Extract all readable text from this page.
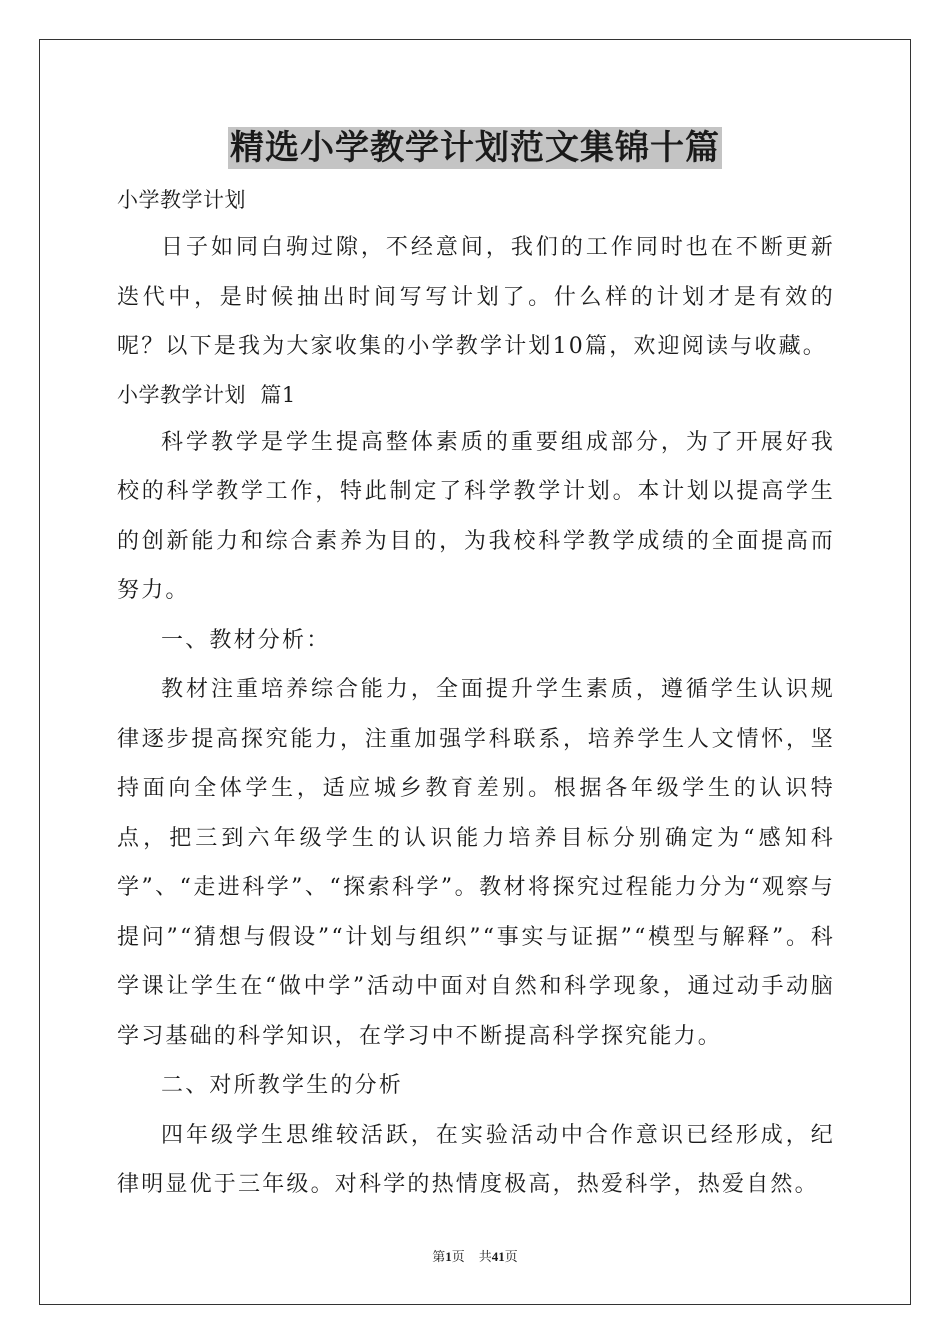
精选小学教学计划范文集锦十篇
小学教学计划

日子如同白驹过隙，不经意间，我们的工作同时也在不断更新迭代中，是时候抽出时间写写计划了。什么样的计划才是有效的呢？以下是我为大家收集的小学教学计划10篇，欢迎阅读与收藏。

小学教学计划  篇1

科学教学是学生提高整体素质的重要组成部分，为了开展好我校的科学教学工作，特此制定了科学教学计划。本计划以提高学生的创新能力和综合素养为目的，为我校科学教学成绩的全面提高而努力。

一、教材分析：

教材注重培养综合能力，全面提升学生素质，遵循学生认识规律逐步提高探究能力，注重加强学科联系，培养学生人文情怀，坚持面向全体学生，适应城乡教育差别。根据各年级学生的认识特点，把三到六年级学生的认识能力培养目标分别确定为“感知科学”、“走进科学”、“探索科学”。教材将探究过程能力分为“观察与提问”“猜想与假设”“计划与组织”“事实与证据”“模型与解释”。科学课让学生在“做中学”活动中面对自然和科学现象，通过动手动脑学习基础的科学知识，在学习中不断提高科学探究能力。

二、对所教学生的分析

四年级学生思维较活跃，在实验活动中合作意识已经形成，纪律明显优于三年级。对科学的热情度极高，热爱科学，热爱自然。

第1页 共41页
